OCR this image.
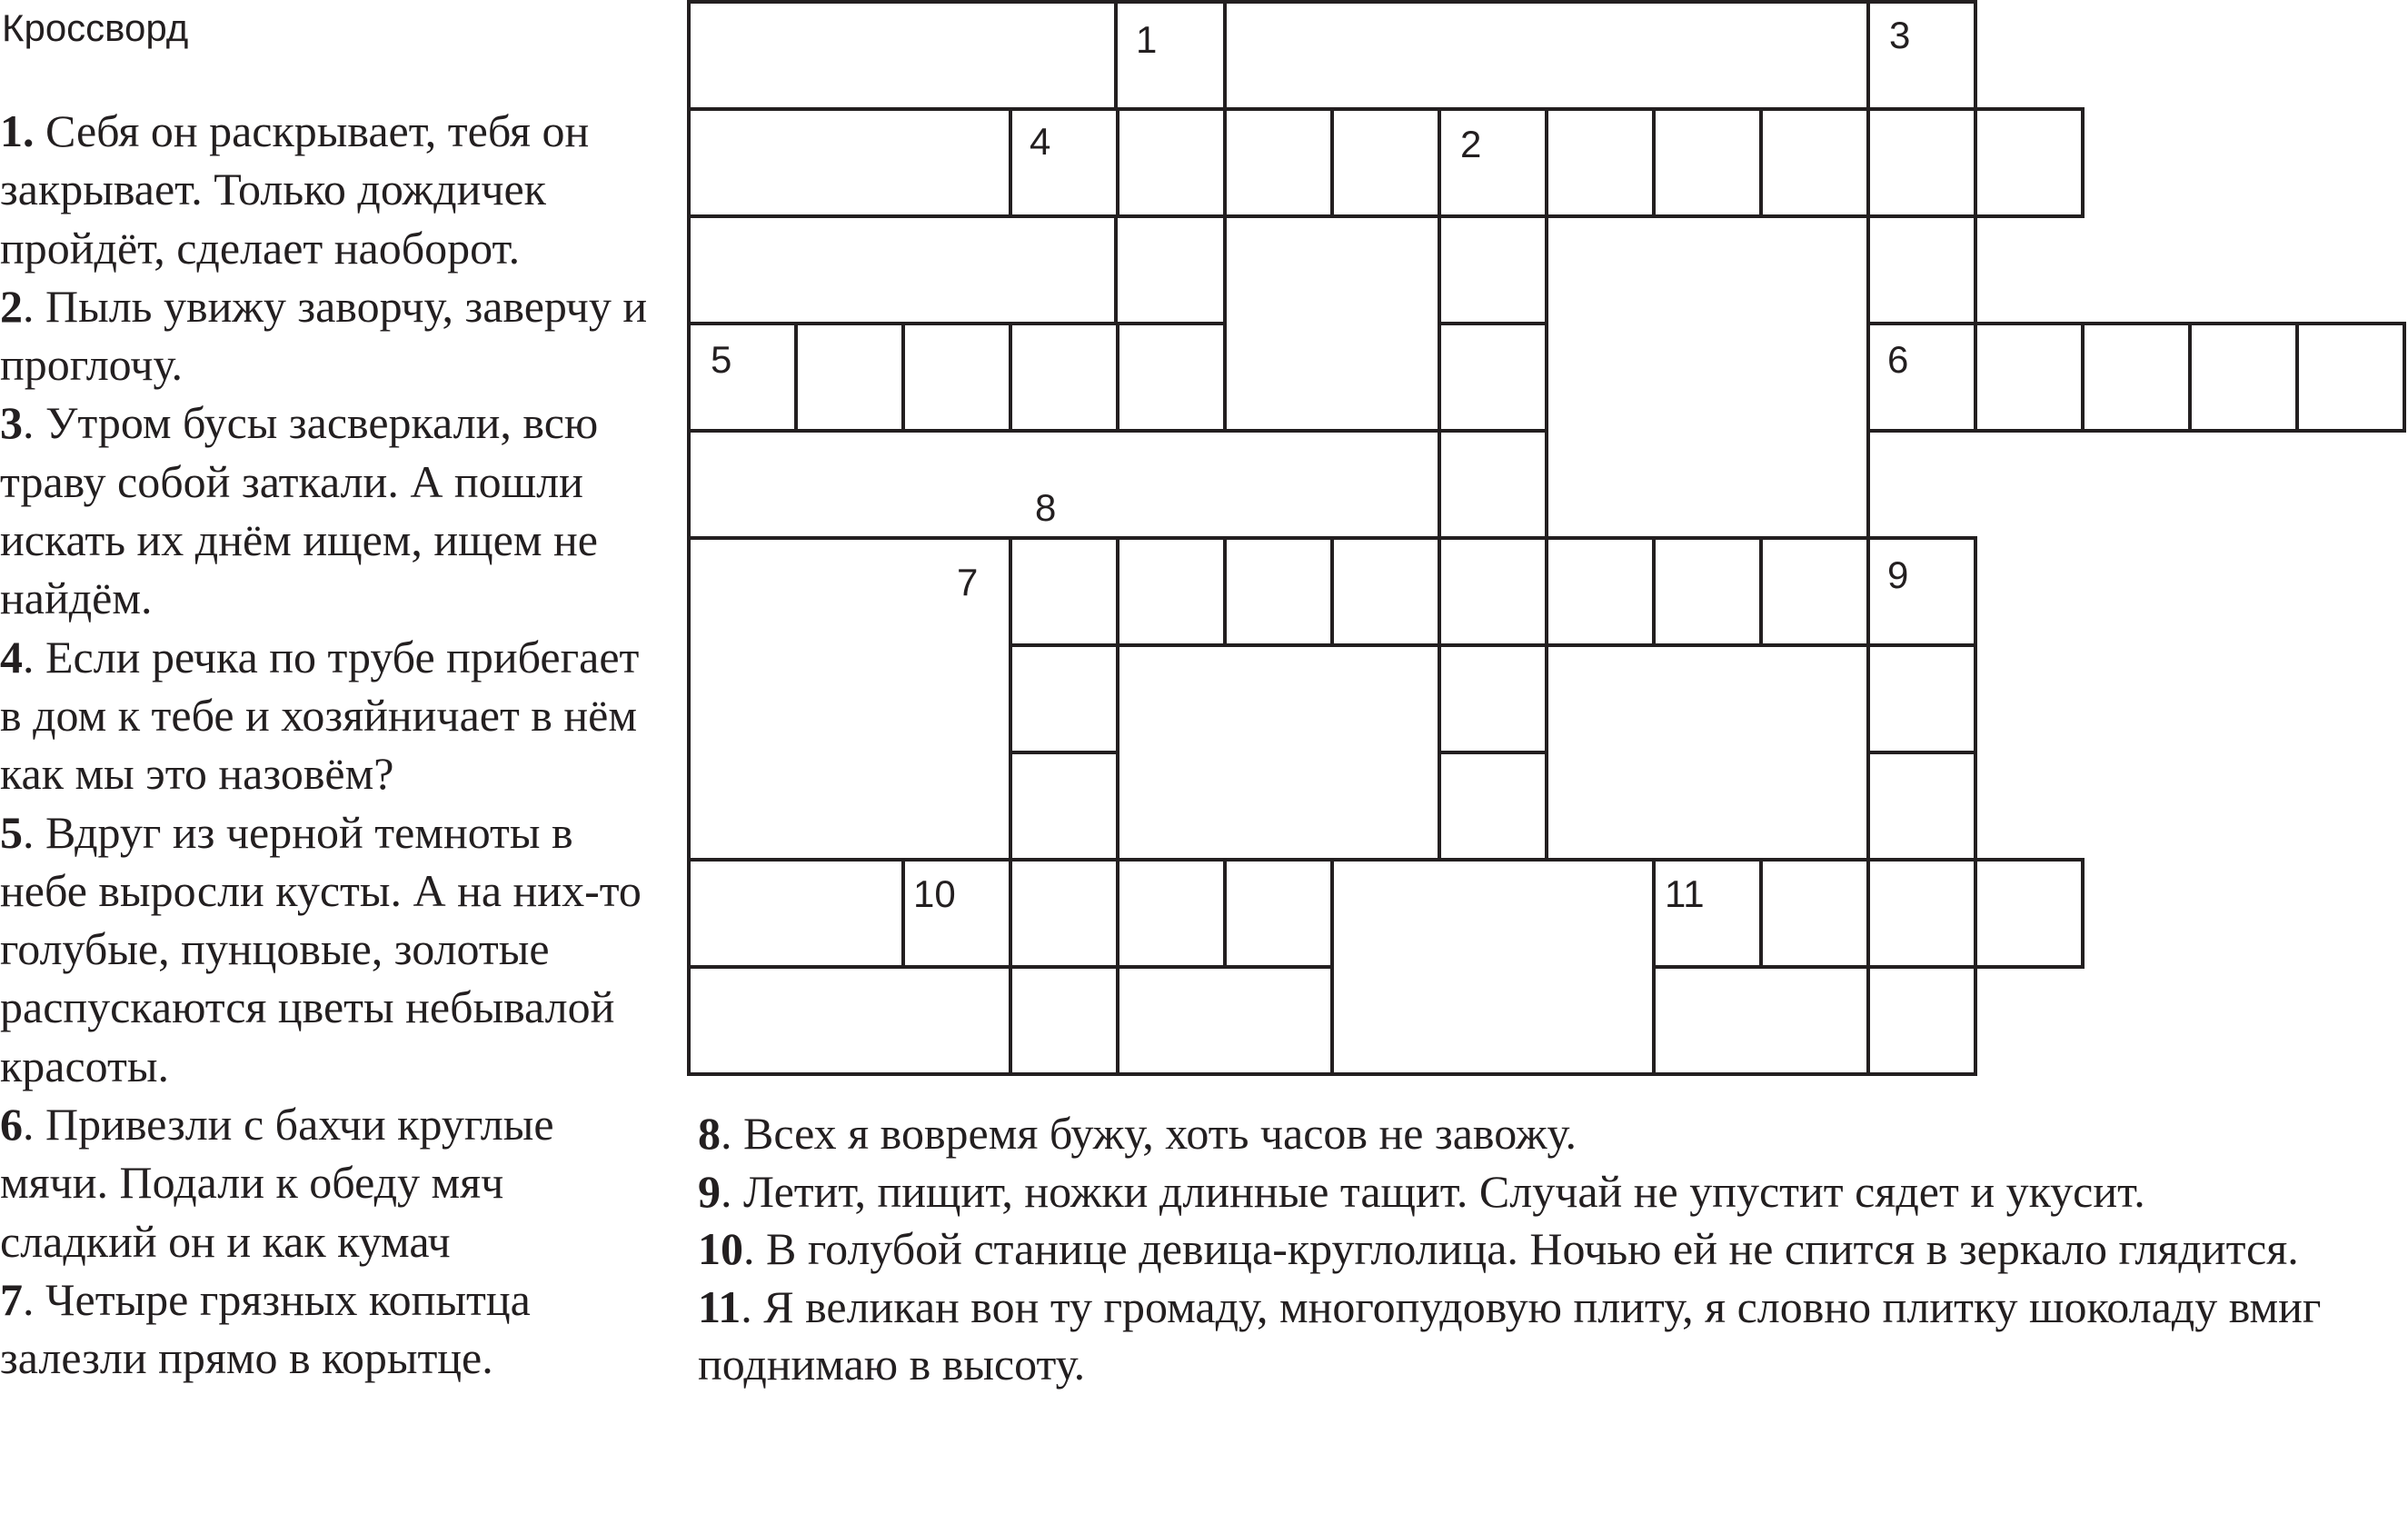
Кроссворд

1. Себя он раскрывает, тебя он закрывает. Только дождичек пройдёт, сделает наоборот.

2. Пыль увижу заворчу, заверчу и проглочу.

3. Утром бусы засверкали, всю траву собой заткали. А пошли искать их днём ищем, ищем не найдём.

4. Если речка по трубе прибегает в дом к тебе и хозяйничает в нём как мы это назовём?

5. Вдруг из черной темноты в небе выросли кусты. А на них-то голубые, пунцовые, золотые распускаются цветы небывалой красоты.

6. Привезли с бахчи круглые мячи. Подали к обеду мяч сладкий он и как кумач

7. Четыре грязных копытца залезли прямо в корытце.

1
2
3
4
5	6
7
8
9
10	11

8. Всех я вовремя бужу, хоть часов не завожу.

9. Летит, пищит, ножки длинные тащит. Случай не упустит сядет и укусит.

10. В голубой станице девица-круглолица. Ночью ей не спится в зеркало глядится.

11. Я великан вон ту громаду, многопудовую плиту, я словно плитку шоколаду вмиг поднимаю в высоту.
